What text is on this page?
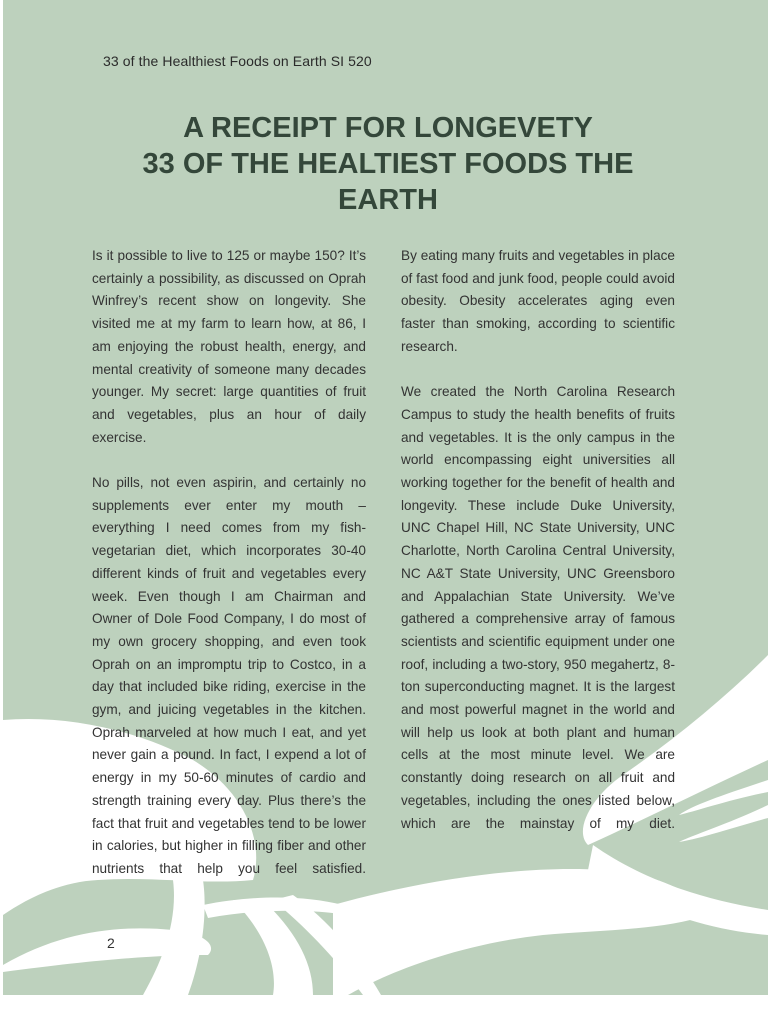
33 of the Healthiest Foods on Earth SI 520
A RECEIPT FOR LONGEVETY
33 OF THE HEALTIEST FOODS THE
EARTH

Is it possible to live to 125 or maybe 150? It’s certainly a possibility, as discussed on Oprah Winfrey’s recent show on longevity. She visited me at my farm to learn how, at 86, I am enjoying the robust health, energy, and mental creativity of someone many decades younger. My secret: large quantities of fruit and vegetables, plus an hour of daily exercise.

No pills, not even aspirin, and certainly no supplements ever enter my mouth – everything I need comes from my fish-vegetarian diet, which incorporates 30-40 different kinds of fruit and vegetables every week. Even though I am Chairman and Owner of Dole Food Company, I do most of my own grocery shopping, and even took Oprah on an impromptu trip to Costco, in a day that included bike riding, exercise in the gym, and juicing vegetables in the kitchen. Oprah marveled at how much I eat, and yet never gain a pound. In fact, I expend a lot of energy in my 50-60 minutes of cardio and strength training every day. Plus there’s the fact that fruit and vegetables tend to be lower in calories, but higher in filling fiber and other nutrients that help you feel satisfied.

By eating many fruits and vegetables in place of fast food and junk food, people could avoid obesity. Obesity accelerates aging even faster than smoking, according to scientific research.

We created the North Carolina Research Campus to study the health benefits of fruits and vegetables. It is the only campus in the world encompassing eight universities all working together for the benefit of health and longevity. These include Duke University, UNC Chapel Hill, NC State University, UNC Charlotte, North Carolina Central University, NC A&T State University, UNC Greensboro and Appalachian State University. We’ve gathered a comprehensive array of famous scientists and scientific equipment under one roof, including a two-story, 950 megahertz, 8-ton superconducting magnet. It is the largest and most powerful magnet in the world and will help us look at both plant and human cells at the most minute level. We are constantly doing research on all fruit and vegetables, including the ones listed below, which are the mainstay of my diet.

2
